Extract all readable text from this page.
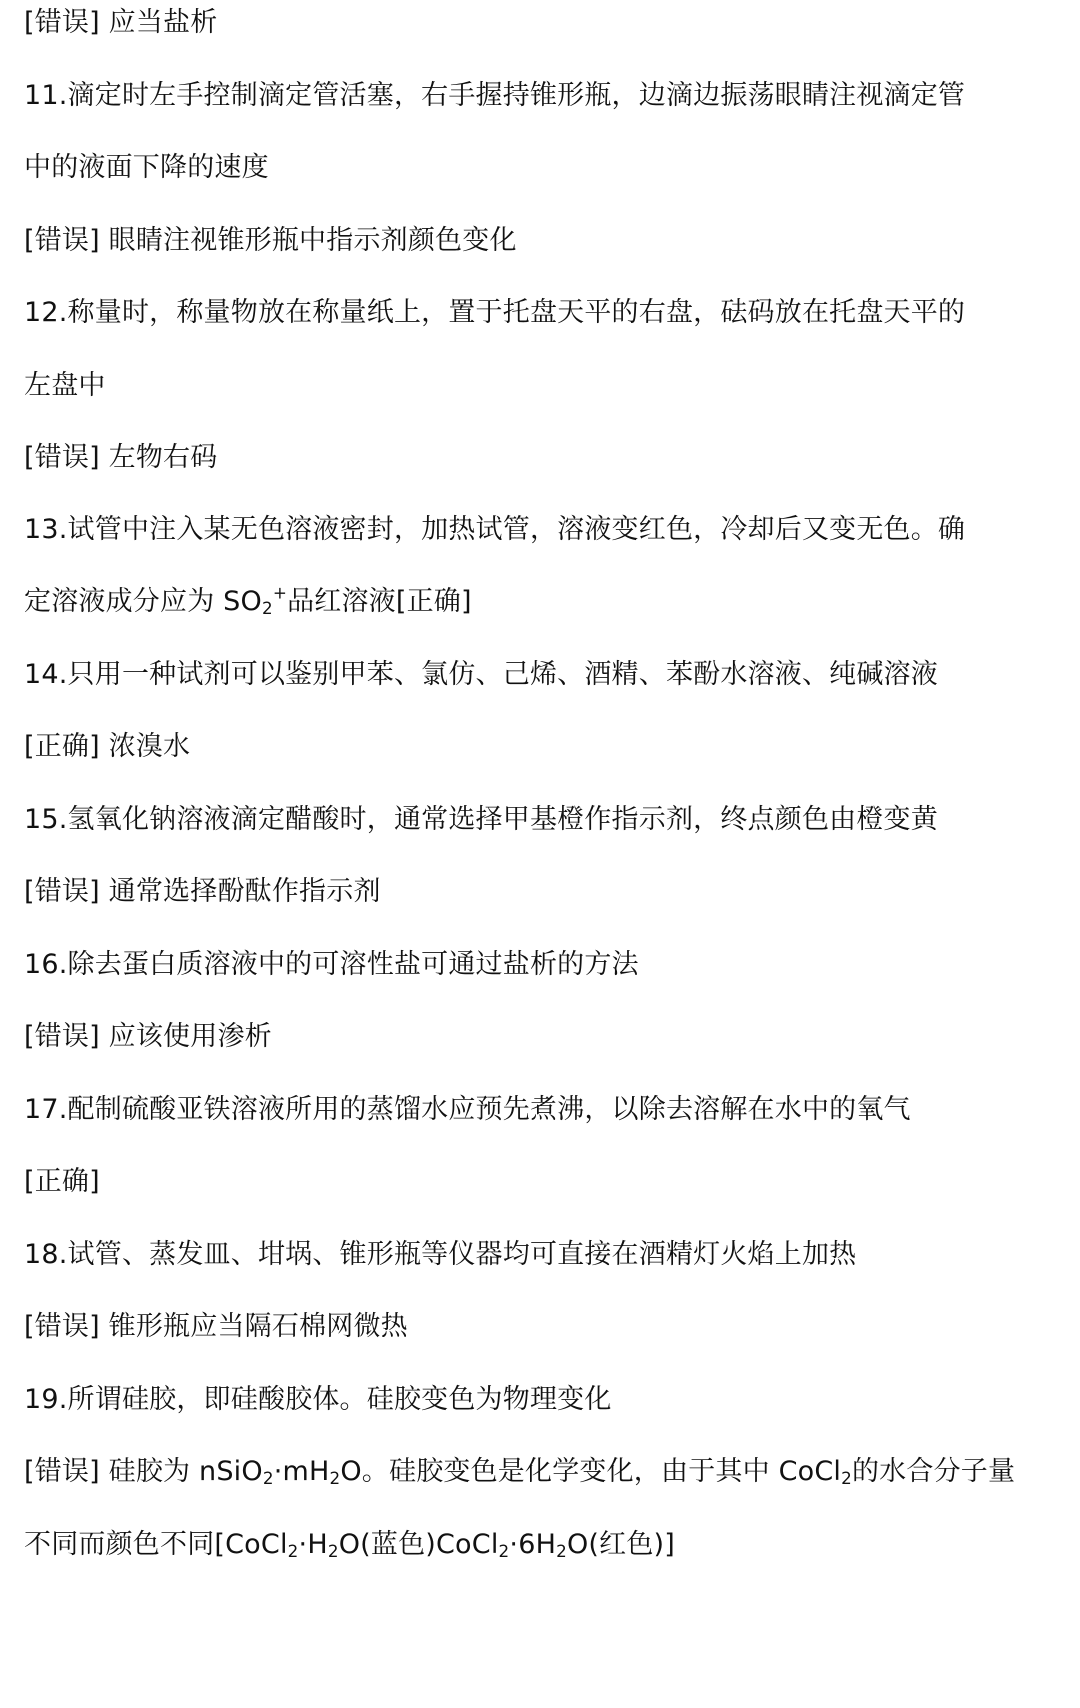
[错误] 应当盐析
11.滴定时左手控制滴定管活塞，右手握持锥形瓶，边滴边振荡眼睛注视滴定管
中的液面下降的速度
[错误] 眼睛注视锥形瓶中指示剂颜色变化
12.称量时，称量物放在称量纸上，置于托盘天平的右盘，砝码放在托盘天平的
左盘中
[错误] 左物右码
13.试管中注入某无色溶液密封，加热试管，溶液变红色，冷却后又变无色。确
定溶液成分应为 $SO_2^+$品红溶液[正确]
14.只用一种试剂可以鉴别甲苯、氯仿、己烯、酒精、苯酚水溶液、纯碱溶液
[正确] 浓溴水
15.氢氧化钠溶液滴定醋酸时，通常选择甲基橙作指示剂，终点颜色由橙变黄
[错误] 通常选择酚酞作指示剂
16.除去蛋白质溶液中的可溶性盐可通过盐析的方法
[错误] 应该使用渗析
17.配制硫酸亚铁溶液所用的蒸馏水应预先煮沸，以除去溶解在水中的氧气
[正确]
18.试管、蒸发皿、坩埚、锥形瓶等仪器均可直接在酒精灯火焰上加热
[错误] 锥形瓶应当隔石棉网微热
19.所谓硅胶，即硅酸胶体。硅胶变色为物理变化
[错误] 硅胶为 $nSiO_2\cdot mH_2O$。硅胶变色是化学变化，由于其中 CoCl$_2$的水合分子量
不同而颜色不同[$CoCl_2\cdot H_2O$(蓝色)$CoCl_2\cdot 6H_2O$(红色)]
